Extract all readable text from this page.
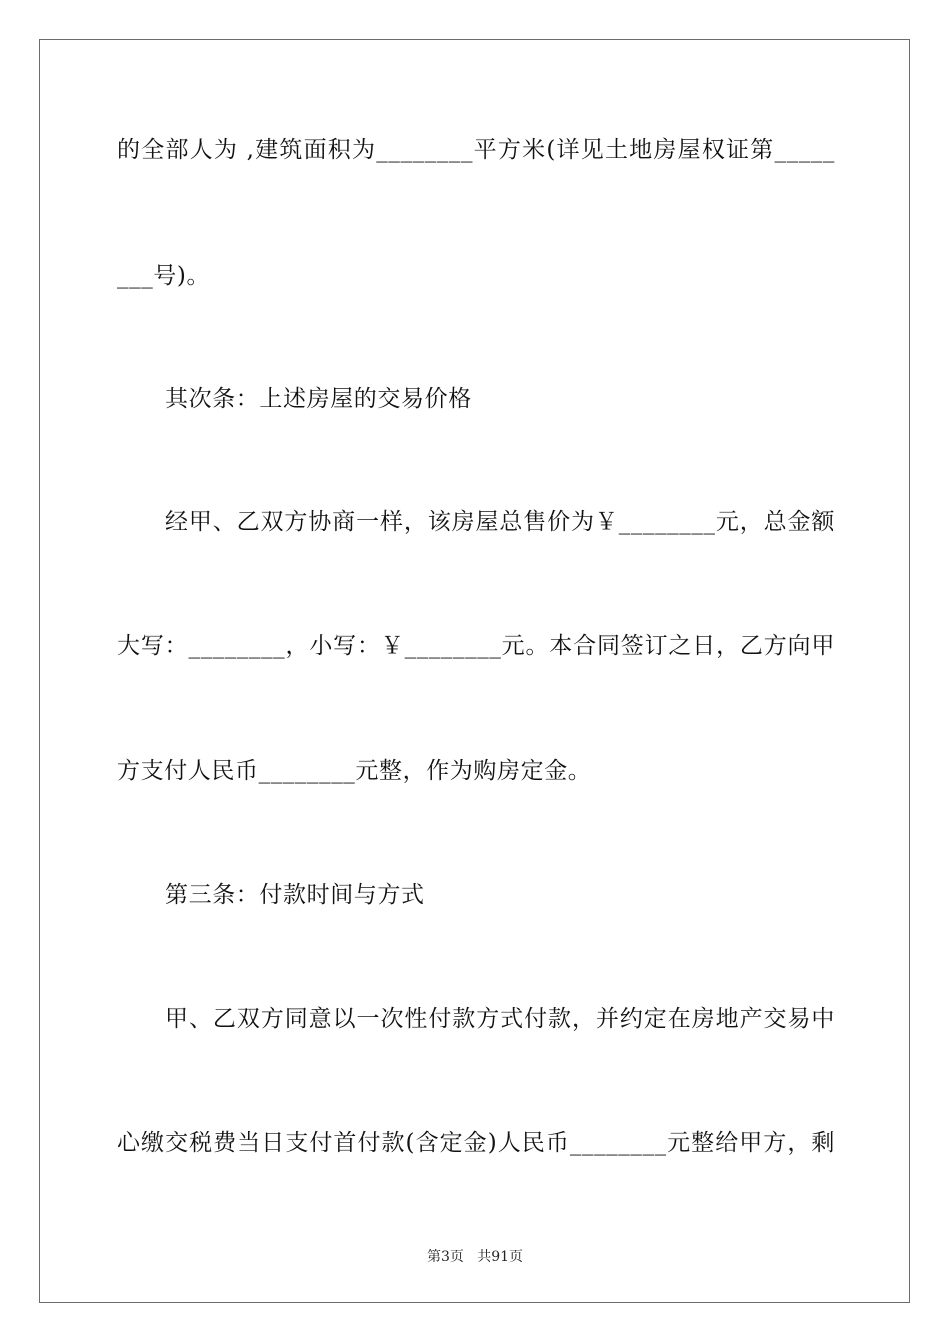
的全部人为 ,建筑面积为________平方米(详见土地房屋权证第_____
___号)。
其次条：上述房屋的交易价格
经甲、乙双方协商一样，该房屋总售价为￥________元，总金额
大写：________，小写：￥________元。本合同签订之日，乙方向甲
方支付人民币________元整，作为购房定金。
第三条：付款时间与方式
甲、乙双方同意以一次性付款方式付款，并约定在房地产交易中
心缴交税费当日支付首付款(含定金)人民币________元整给甲方，剩
第3页   共91页
